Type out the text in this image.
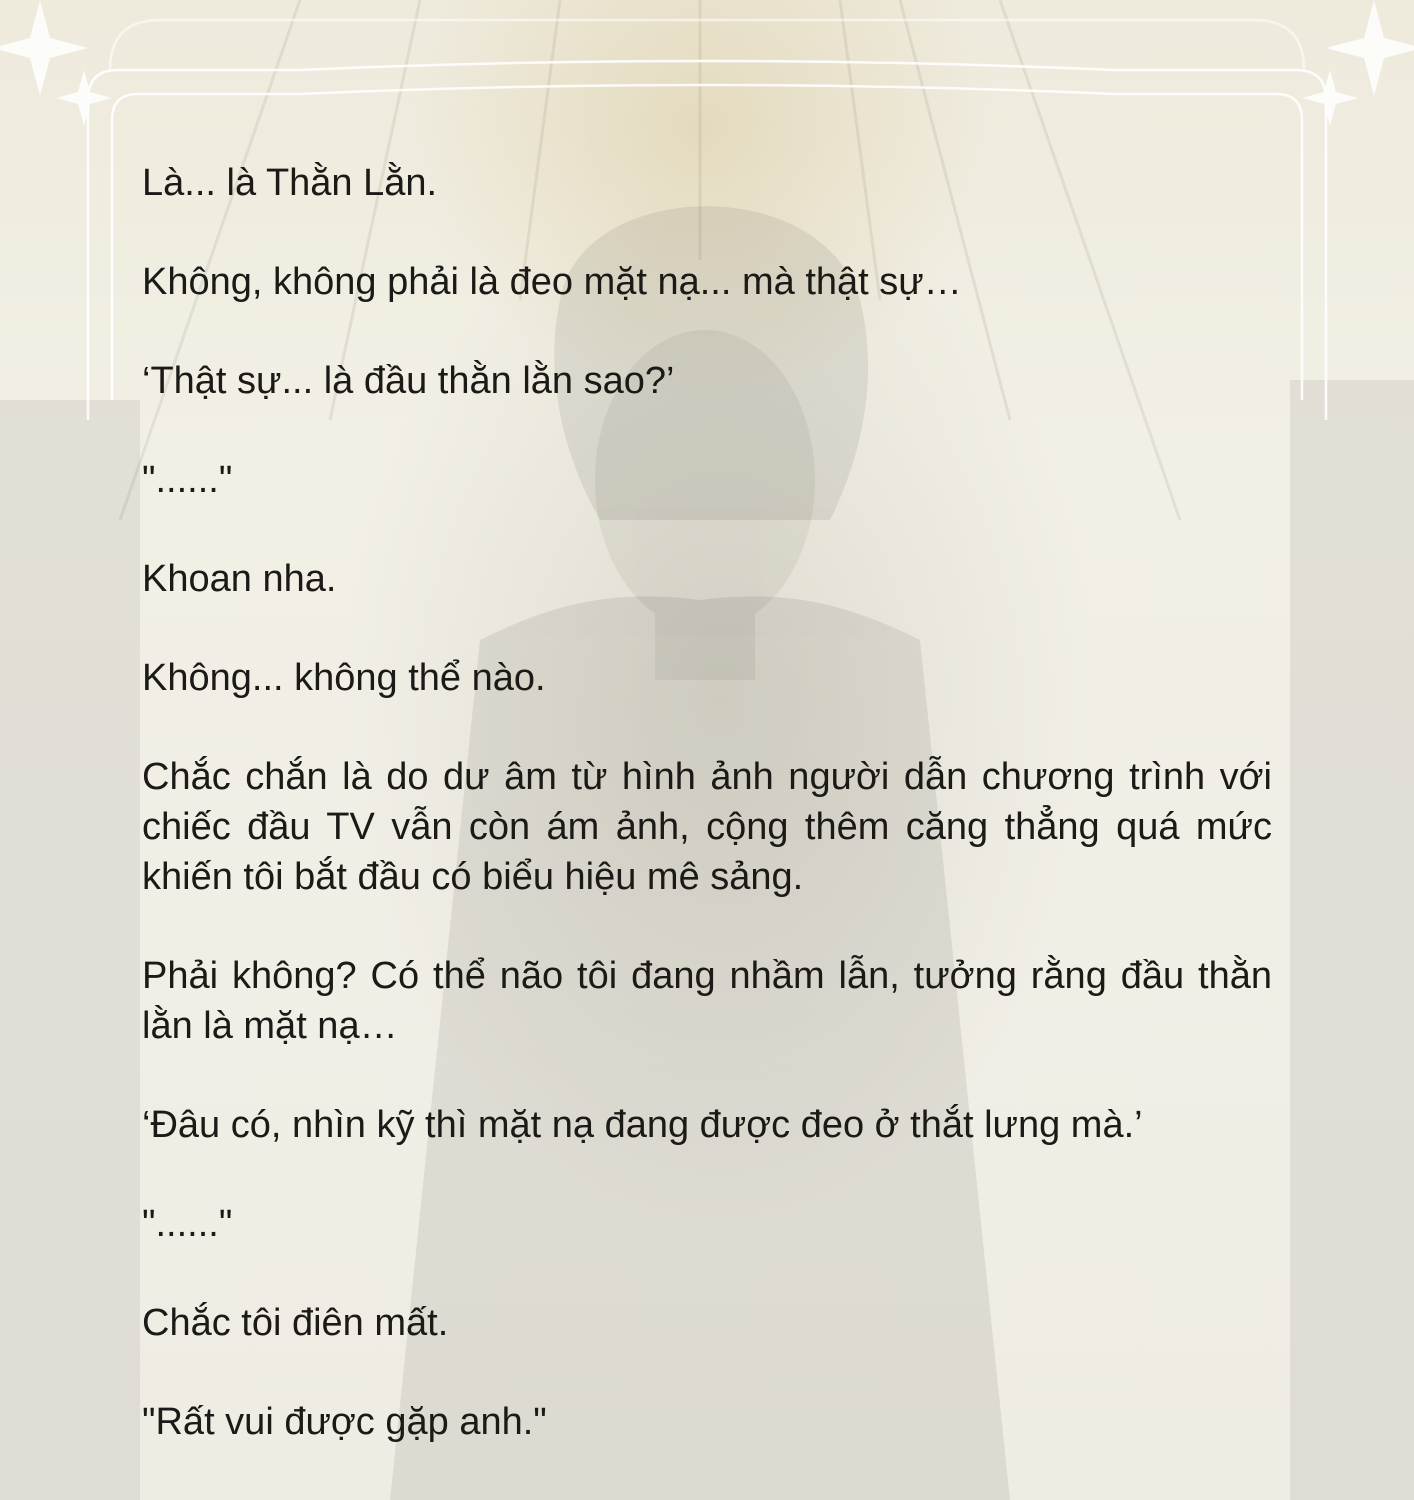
Là... là Thằn Lằn.

Không, không phải là đeo mặt nạ... mà thật sự…

‘Thật sự... là đầu thằn lằn sao?’

"......"

Khoan nha.

Không... không thể nào.

Chắc chắn là do dư âm từ hình ảnh người dẫn chương trình với chiếc đầu TV vẫn còn ám ảnh, cộng thêm căng thẳng quá mức khiến tôi bắt đầu có biểu hiệu mê sảng.

Phải không? Có thể não tôi đang nhầm lẫn, tưởng rằng đầu thằn lằn là mặt nạ…

‘Đâu có, nhìn kỹ thì mặt nạ đang được đeo ở thắt lưng mà.’

"......"

Chắc tôi điên mất.

"Rất vui được gặp anh."
